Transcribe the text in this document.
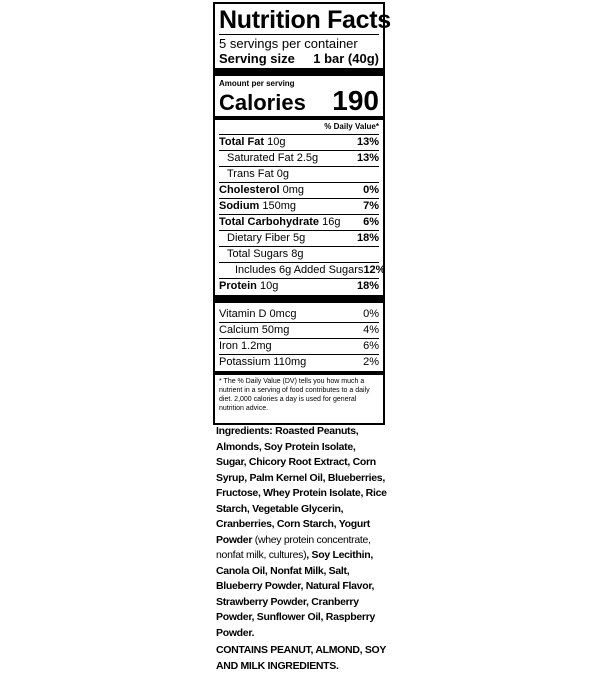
Nutrition Facts
5 servings per container
Serving size 1 bar (40g)
Amount per serving
Calories 190
% Daily Value*
Total Fat 10g	13%
Saturated Fat 2.5g	13%
Trans Fat 0g
Cholesterol 0mg	0%
Sodium 150mg	7%
Total Carbohydrate 16g 6%
Dietary Fiber 5g	18%
Total Sugars 8g
Includes 6g Added Sugars 12%
Protein 10g	18%
Vitamin D 0mcg	0%
Calcium 50mg	4%
Iron 1.2mg	6%
Potassium 110mg	2%
* The % Daily Value (DV) tells you how much a nutrient in a serving of food contributes to a daily diet. 2,000 calories a day is used for general nutrition advice.
Ingredients: Roasted Peanuts, Almonds, Soy Protein Isolate, Sugar, Chicory Root Extract, Corn Syrup, Palm Kernel Oil, Blueberries, Fructose, Whey Protein Isolate, Rice Starch, Vegetable Glycerin, Cranberries, Corn Starch, Yogurt Powder (whey protein concentrate, nonfat milk, cultures), Soy Lecithin, Canola Oil, Nonfat Milk, Salt, Blueberry Powder, Natural Flavor, Strawberry Powder, Cranberry Powder, Sunflower Oil, Raspberry Powder.
CONTAINS PEANUT, ALMOND, SOY AND MILK INGREDIENTS.
